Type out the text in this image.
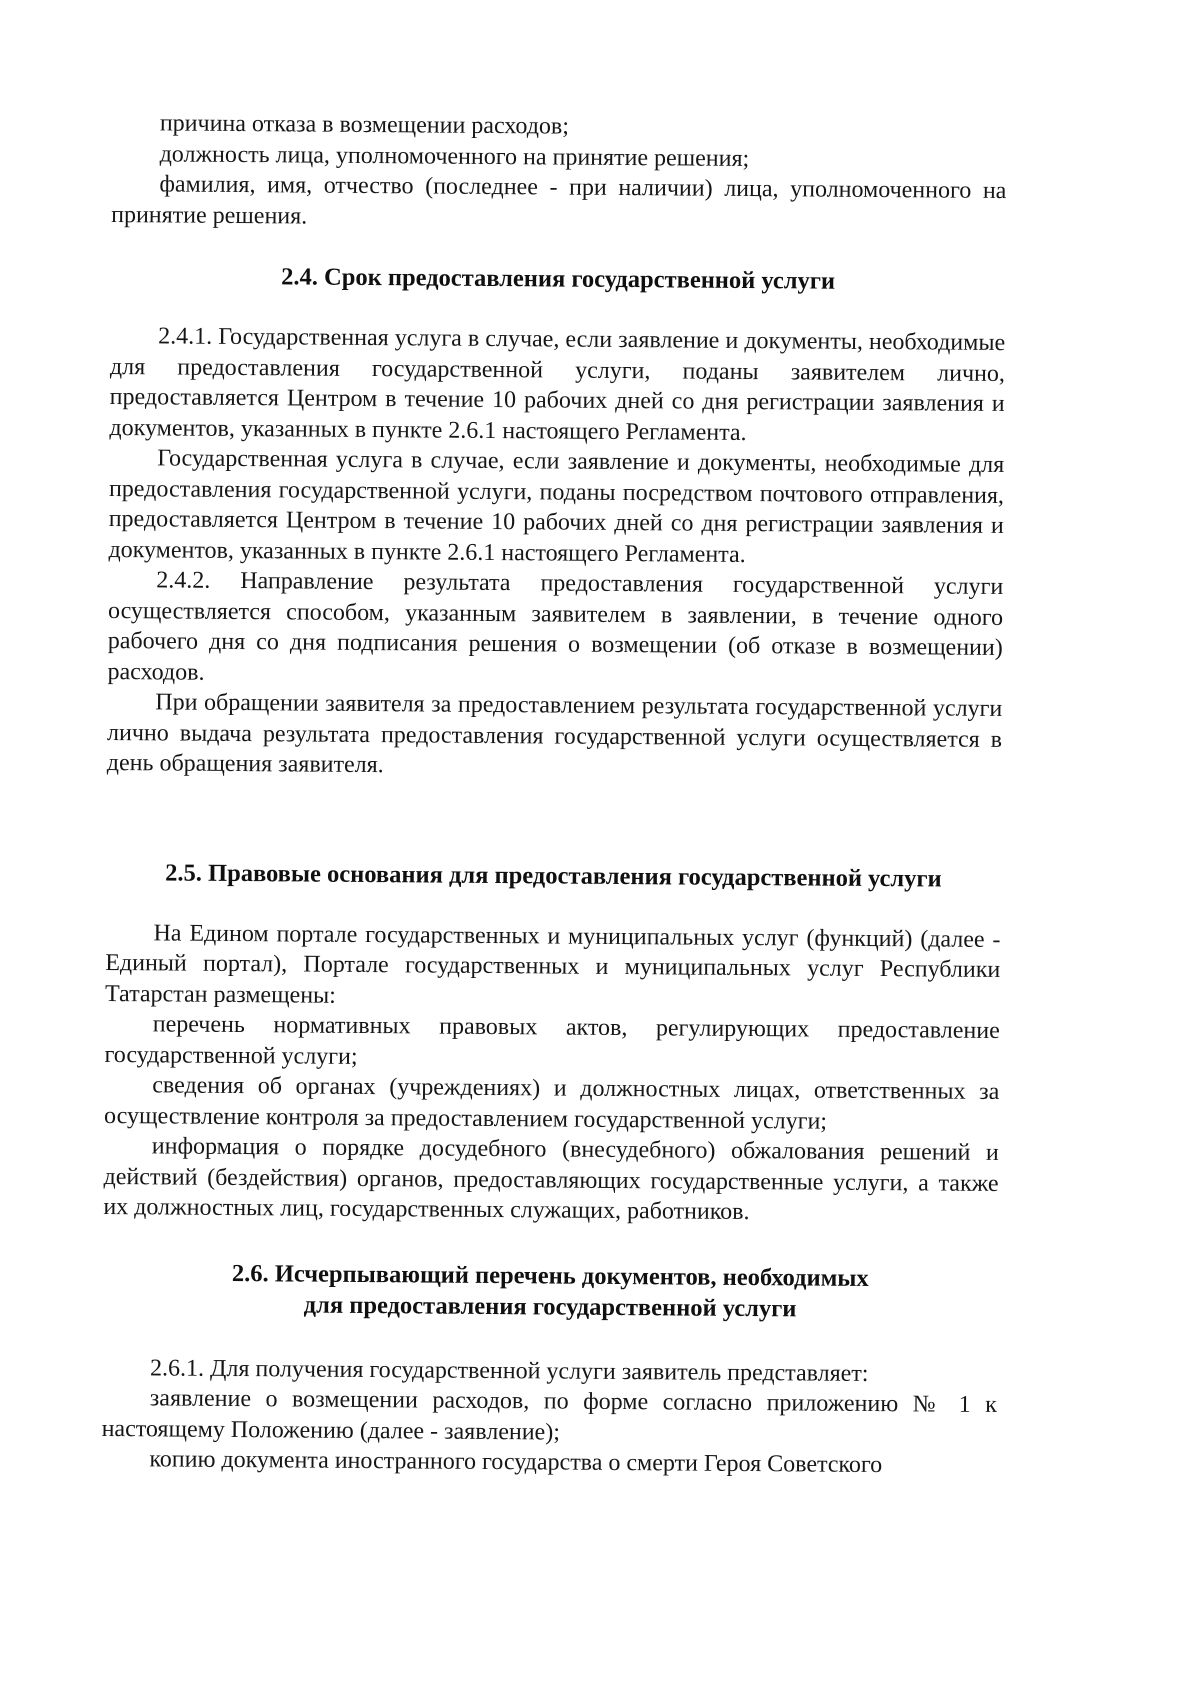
причина отказа в возмещении расходов;

должность лица, уполномоченного на принятие решения;

фамилия, имя, отчество (последнее - при наличии) лица, уполномоченного на принятие решения.

2.4. Срок предоставления государственной услуги

2.4.1. Государственная услуга в случае, если заявление и документы, необходимые для предоставления государственной услуги, поданы заявителем лично, предоставляется Центром в течение 10 рабочих дней со дня регистрации заявления и документов, указанных в пункте 2.6.1 настоящего Регламента.

Государственная услуга в случае, если заявление и документы, необходимые для предоставления государственной услуги, поданы посредством почтового отправления, предоставляется Центром в течение 10 рабочих дней со дня регистрации заявления и документов, указанных в пункте 2.6.1 настоящего Регламента.

2.4.2. Направление результата предоставления государственной услуги осуществляется способом, указанным заявителем в заявлении, в течение одного рабочего дня со дня подписания решения о возмещении (об отказе в возмещении) расходов.

При обращении заявителя за предоставлением результата государственной услуги лично выдача результата предоставления государственной услуги осуществляется в день обращения заявителя.

2.5. Правовые основания для предоставления государственной услуги

На Едином портале государственных и муниципальных услуг (функций) (далее - Единый портал), Портале государственных и муниципальных услуг Республики Татарстан размещены:

перечень нормативных правовых актов, регулирующих предоставление государственной услуги;

сведения об органах (учреждениях) и должностных лицах, ответственных за осуществление контроля за предоставлением государственной услуги;

информация о порядке досудебного (внесудебного) обжалования решений и действий (бездействия) органов, предоставляющих государственные услуги, а также их должностных лиц, государственных служащих, работников.

2.6. Исчерпывающий перечень документов, необходимых
для предоставления государственной услуги

2.6.1. Для получения государственной услуги заявитель представляет:

заявление о возмещении расходов, по форме согласно приложению № 1 к настоящему Положению (далее - заявление);

копию документа иностранного государства о смерти Героя Советского
